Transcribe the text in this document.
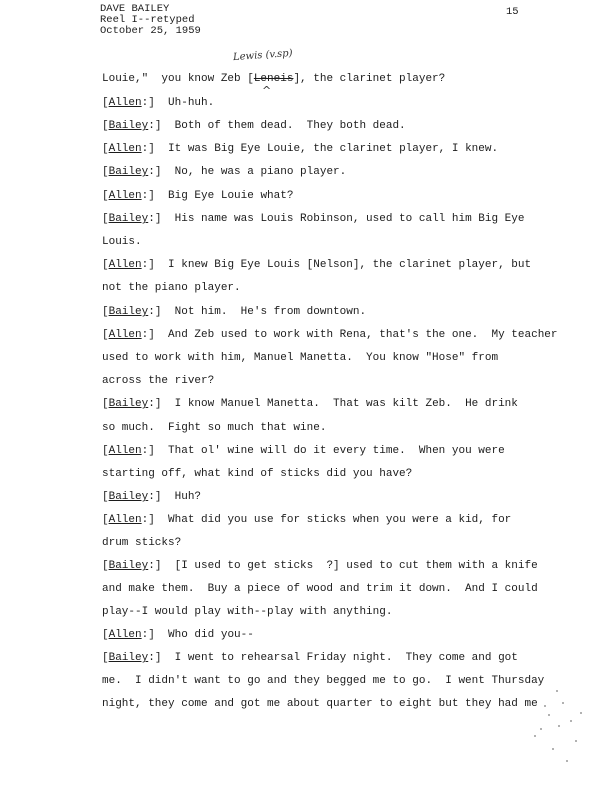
DAVE BAILEY
Reel I--retyped
October 25, 1959
15
Lewis (v.sp)
^
Louie,"  you know Zeb [Leneis], the clarinet player?
[Allen:]  Uh-huh.
[Bailey:]  Both of them dead.  They both dead.
[Allen:]  It was Big Eye Louie, the clarinet player, I knew.
[Bailey:]  No, he was a piano player.
[Allen:]  Big Eye Louie what?
[Bailey:]  His name was Louis Robinson, used to call him Big Eye
Louis.
[Allen:]  I knew Big Eye Louis [Nelson], the clarinet player, but
not the piano player.
[Bailey:]  Not him.  He's from downtown.
[Allen:]  And Zeb used to work with Rena, that's the one.  My teacher
used to work with him, Manuel Manetta.  You know "Hose" from
across the river?
[Bailey:]  I know Manuel Manetta.  That was kilt Zeb.  He drink
so much.  Fight so much that wine.
[Allen:]  That ol' wine will do it every time.  When you were
starting off, what kind of sticks did you have?
[Bailey:]  Huh?
[Allen:]  What did you use for sticks when you were a kid, for
drum sticks?
[Bailey:]  [I used to get sticks  ?] used to cut them with a knife
and make them.  Buy a piece of wood and trim it down.  And I could
play--I would play with--play with anything.
[Allen:]  Who did you--
[Bailey:]  I went to rehearsal Friday night.  They come and got
me.  I didn't want to go and they begged me to go.  I went Thursday
night, they come and got me about quarter to eight but they had me
